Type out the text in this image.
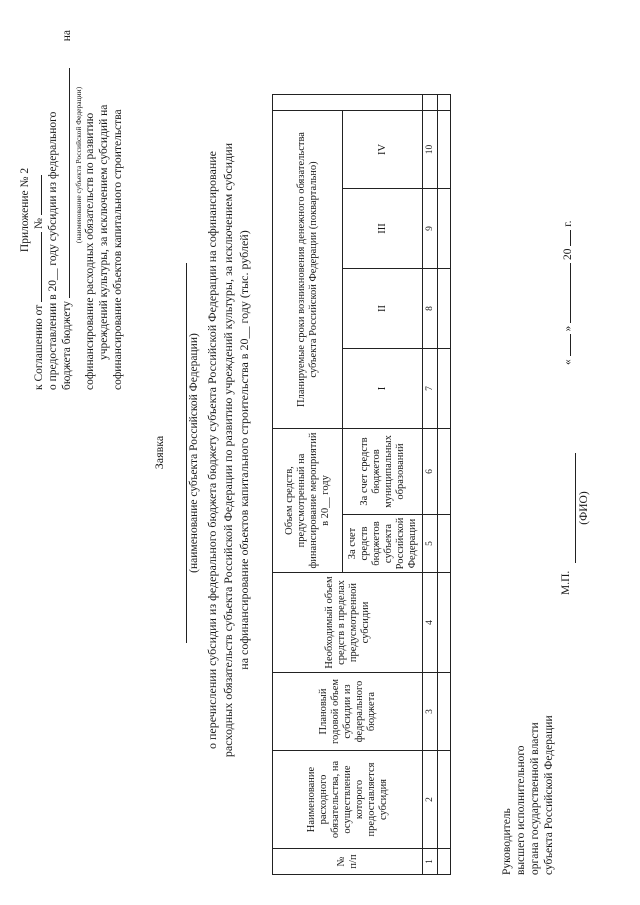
Приложение № 2
к Соглашению от  № о предоставлении в 20__ году субсидии из федерального бюджета бюджету
на
(наименование субъекта Российской Федерации) софинансирование расходных обязательств по развитию учреждений культуры, за исключением субсидий на софинансирование объектов капитального строительства
Заявка (наименование субъекта Российской Федерации) о перечислении субсидии из федерального бюджета бюджету субъекта Российской Федерации на софинансирование расходных обязательств субъекта Российской Федерации по развитию учреждений культуры, за исключением субсидии на софинансирование объектов капитального строительства в 20__ году (тыс. рублей)
№ п/п	Наименование расходного обязательства, на осуществление которого предоставляется субсидия	Плановый годовой объем субсидии из федерального бюджета	Необходимый объем средств в пределах предусмотренной субсидии	Объем средств, предусмотренный на финансирование мероприятий в 20__ году		Планируемые сроки возникновения денежного обязательства субъекта Российской Федерации (поквартально)				
				За счет средств бюджетов субъекта Российской Федерации	За счет средств бюджетов муниципальных образований	I	II	III	IV	
1	2	3	4	5	6	7	8	9	10	

Руководитель высшего исполнительного органа государственной власти субъекта Российской Федерации
М.П.
(ФИО)
«  »  20  г.
